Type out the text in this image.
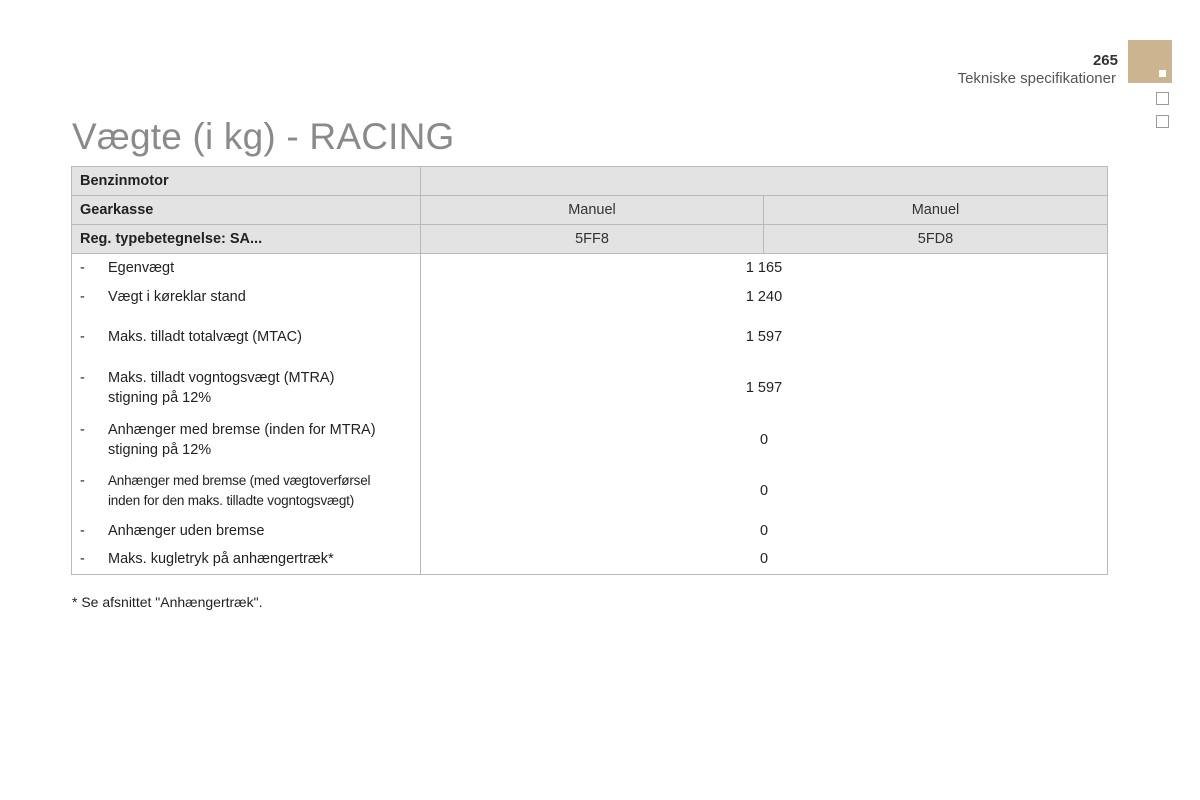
265
Tekniske specifikationer
Vægte (i kg) - RACING
Benzinmotor		
Gearkasse	Manuel	Manuel
Reg. typebetegnelse: SA...	5FF8	5FD8

- Egenvægt	1 165	

- Vægt i køreklar stand	1 240	

- Maks. tilladt totalvægt (MTAC)	1 597	

- Maks. tilladt vogntogsvægt (MTRA)
stigning på 12%	1 597	

- Anhænger med bremse (inden for MTRA)
stigning på 12%	0	

- Anhænger med bremse (med vægtoverførsel
inden for den maks. tilladte vogntogsvægt)	0	

- Anhænger uden bremse	0	

- Maks. kugletryk på anhængertræk*	0	
* Se afsnittet "Anhængertræk".
